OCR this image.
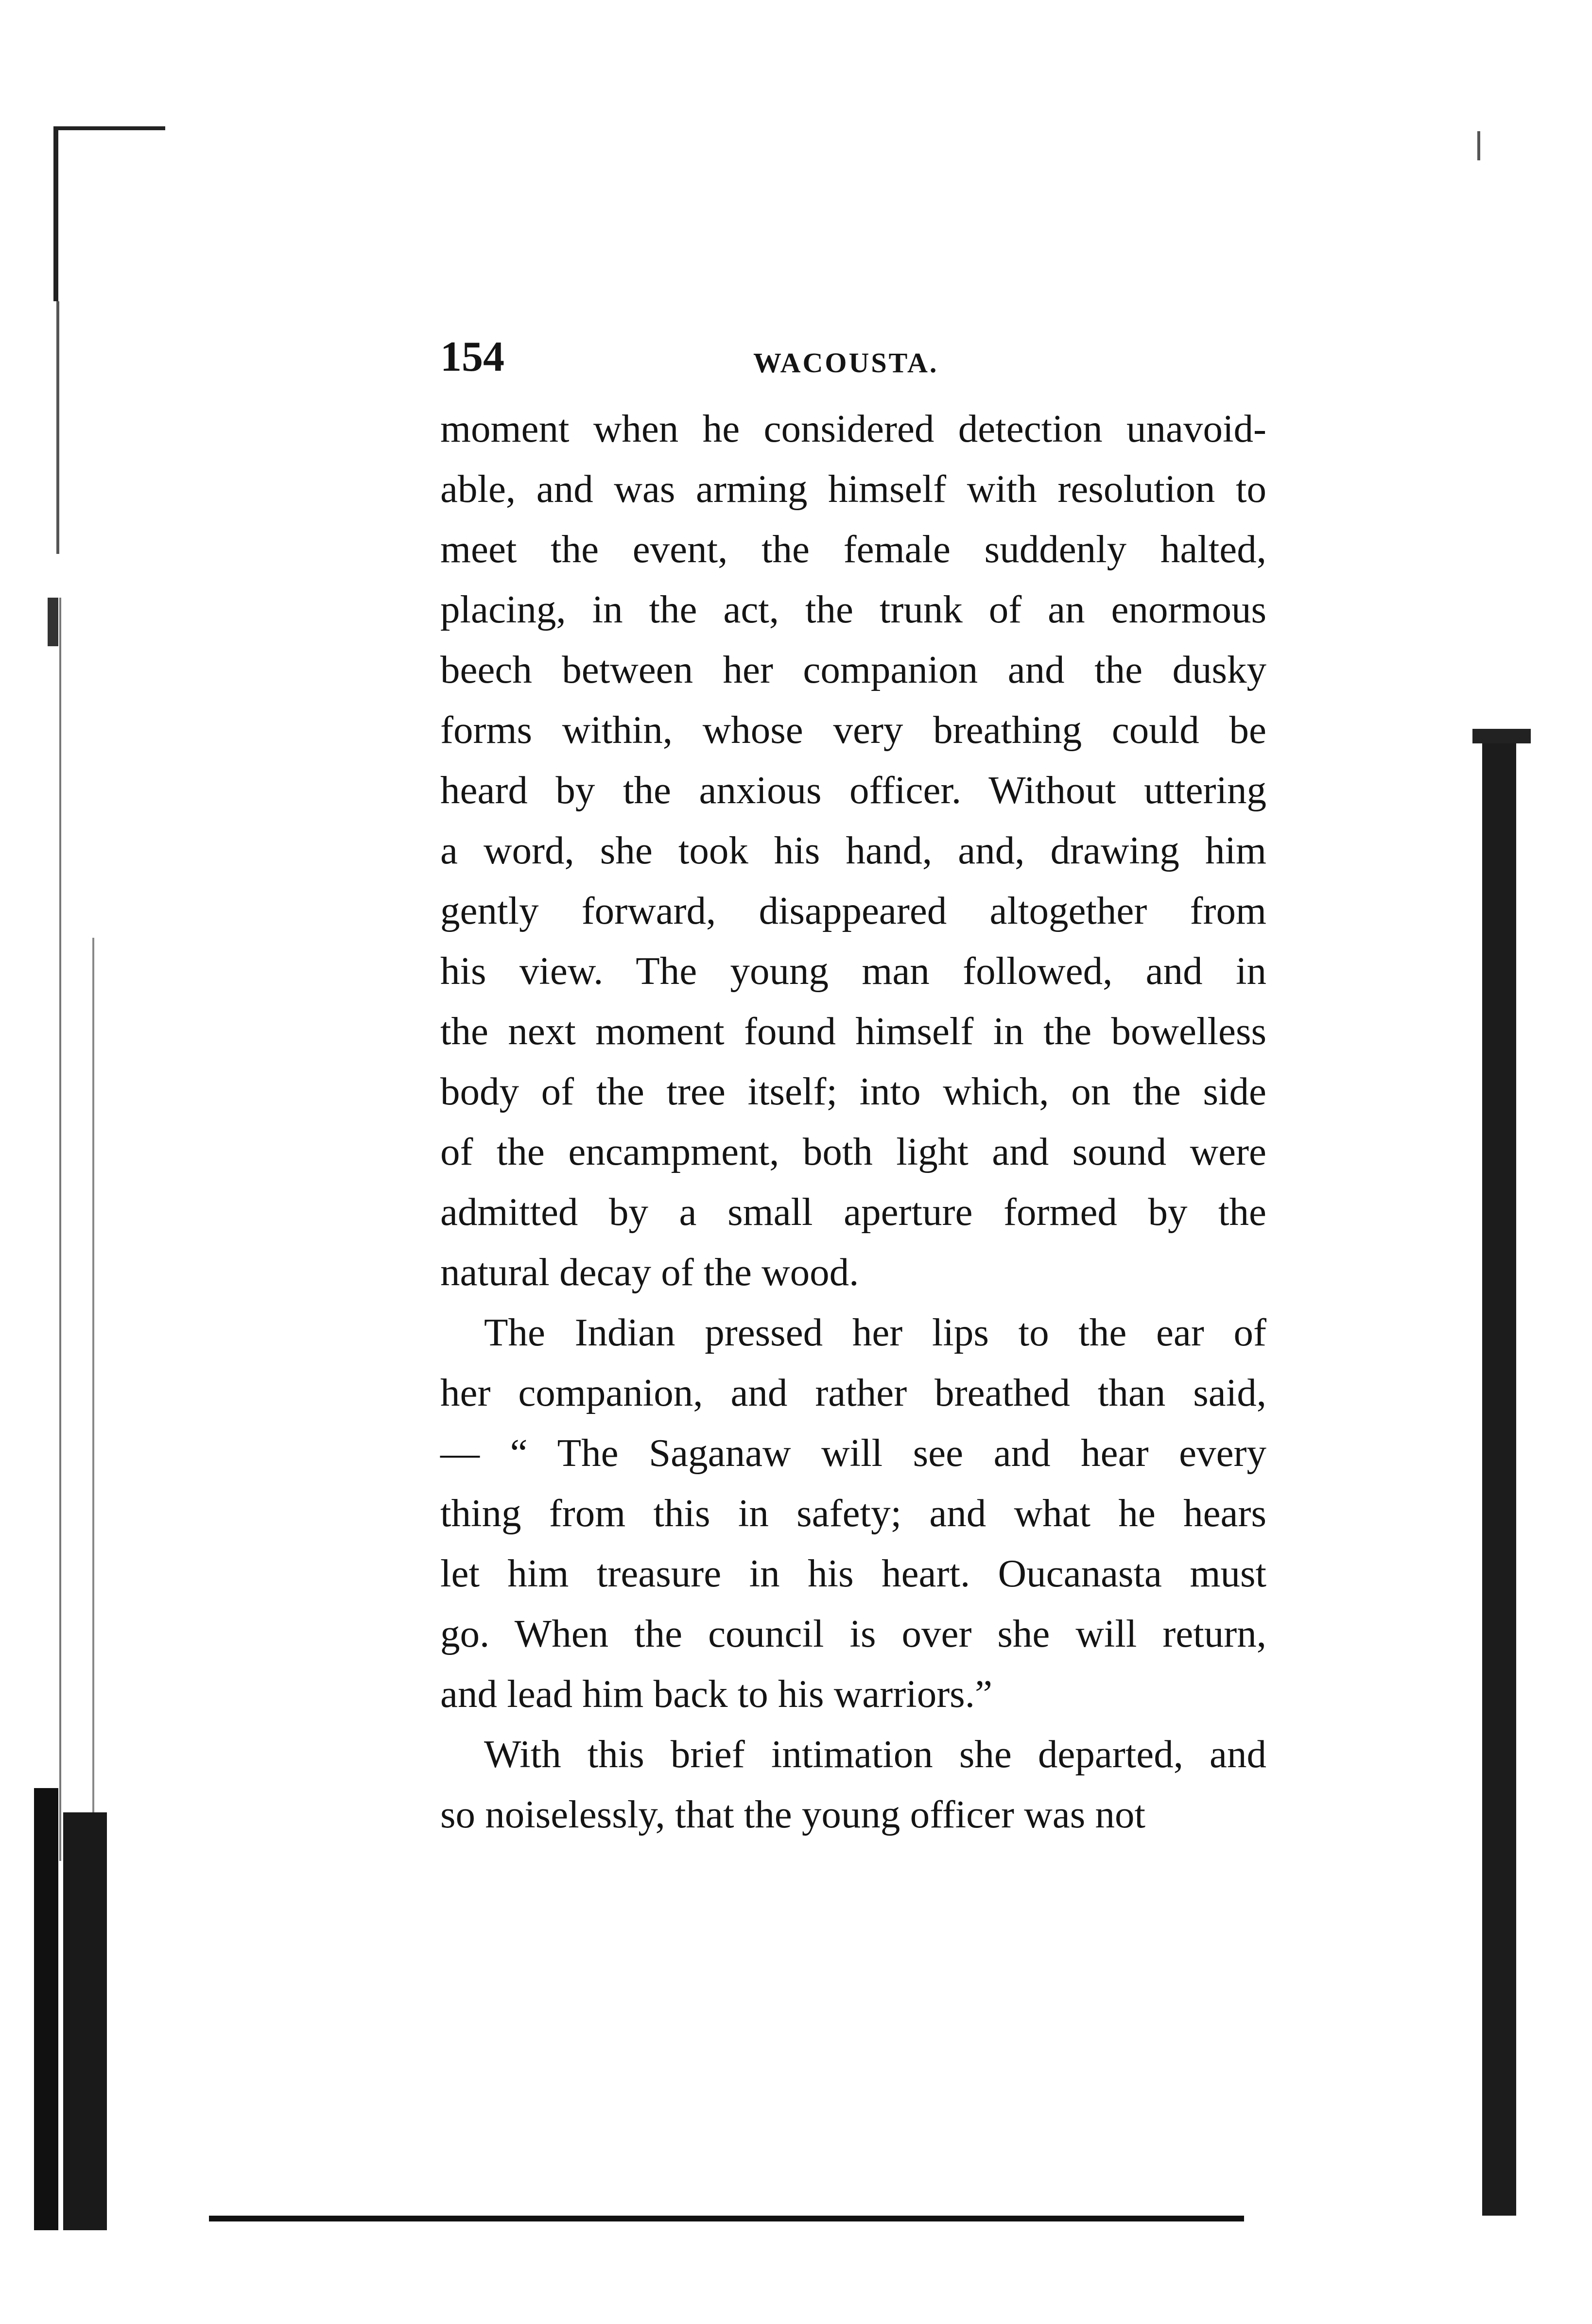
154	WACOUSTA.

moment when he considered detection unavoid-
able, and was arming himself with resolution to
meet the event, the female suddenly halted,
placing, in the act, the trunk of an enormous
beech between her companion and the dusky
forms within, whose very breathing could be
heard by the anxious officer. Without uttering
a word, she took his hand, and, drawing him
gently forward, disappeared altogether from
his view. The young man followed, and in
the next moment found himself in the bowelless
body of the tree itself; into which, on the side
of the encampment, both light and sound were
admitted by a small aperture formed by the
natural decay of the wood.

The Indian pressed her lips to the ear of
her companion, and rather breathed than said,
— “ The Saganaw will see and hear every
thing from this in safety; and what he hears
let him treasure in his heart. Oucanasta must
go. When the council is over she will return,
and lead him back to his warriors.”

With this brief intimation she departed, and
so noiselessly, that the young officer was not
